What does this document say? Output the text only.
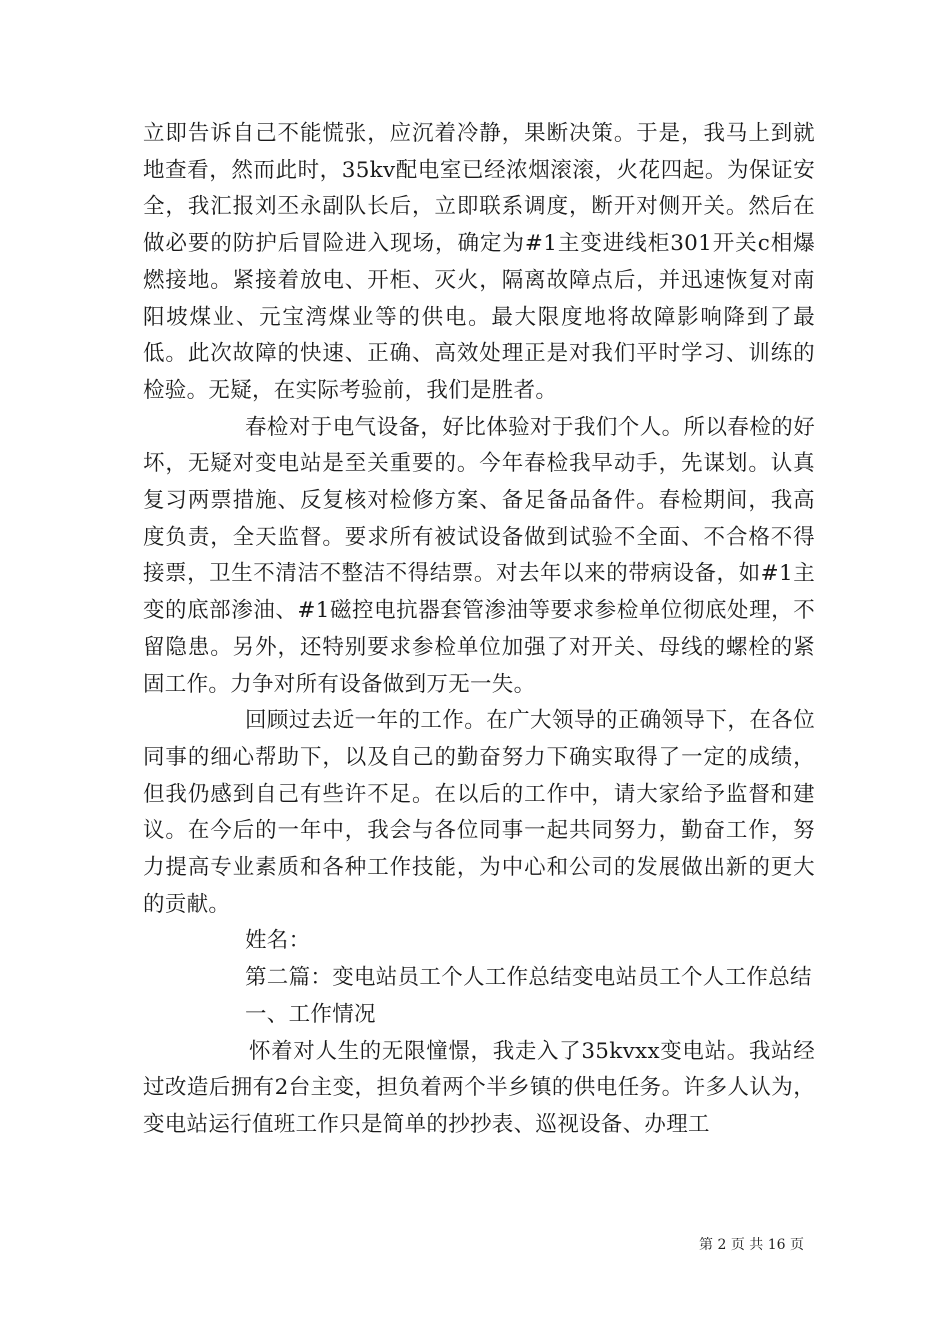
立即告诉自己不能慌张，应沉着冷静，果断决策。于是，我马上到就地查看，然而此时，35kv配电室已经浓烟滚滚，火花四起。为保证安全，我汇报刘丕永副队长后，立即联系调度，断开对侧开关。然后在做必要的防护后冒险进入现场，确定为#1主变进线柜301开关c相爆燃接地。紧接着放电、开柜、灭火，隔离故障点后，并迅速恢复对南阳坡煤业、元宝湾煤业等的供电。最大限度地将故障影响降到了最低。此次故障的快速、正确、高效处理正是对我们平时学习、训练的检验。无疑，在实际考验前，我们是胜者。

春检对于电气设备，好比体验对于我们个人。所以春检的好坏，无疑对变电站是至关重要的。今年春检我早动手，先谋划。认真复习两票措施、反复核对检修方案、备足备品备件。春检期间，我高度负责，全天监督。要求所有被试设备做到试验不全面、不合格不得接票，卫生不清洁不整洁不得结票。对去年以来的带病设备，如#1主变的底部渗油、#1磁控电抗器套管渗油等要求参检单位彻底处理，不留隐患。另外，还特别要求参检单位加强了对开关、母线的螺栓的紧固工作。力争对所有设备做到万无一失。

回顾过去近一年的工作。在广大领导的正确领导下，在各位同事的细心帮助下，以及自己的勤奋努力下确实取得了一定的成绩，但我仍感到自己有些许不足。在以后的工作中，请大家给予监督和建议。在今后的一年中，我会与各位同事一起共同努力，勤奋工作，努力提高专业素质和各种工作技能，为中心和公司的发展做出新的更大的贡献。

姓名：

第二篇：变电站员工个人工作总结变电站员工个人工作总结

一、工作情况

怀着对人生的无限憧憬，我走入了35kvxx变电站。我站经过改造后拥有2台主变，担负着两个半乡镇的供电任务。许多人认为，变电站运行值班工作只是简单的抄抄表、巡视设备、办理工

第 2 页 共 16 页
